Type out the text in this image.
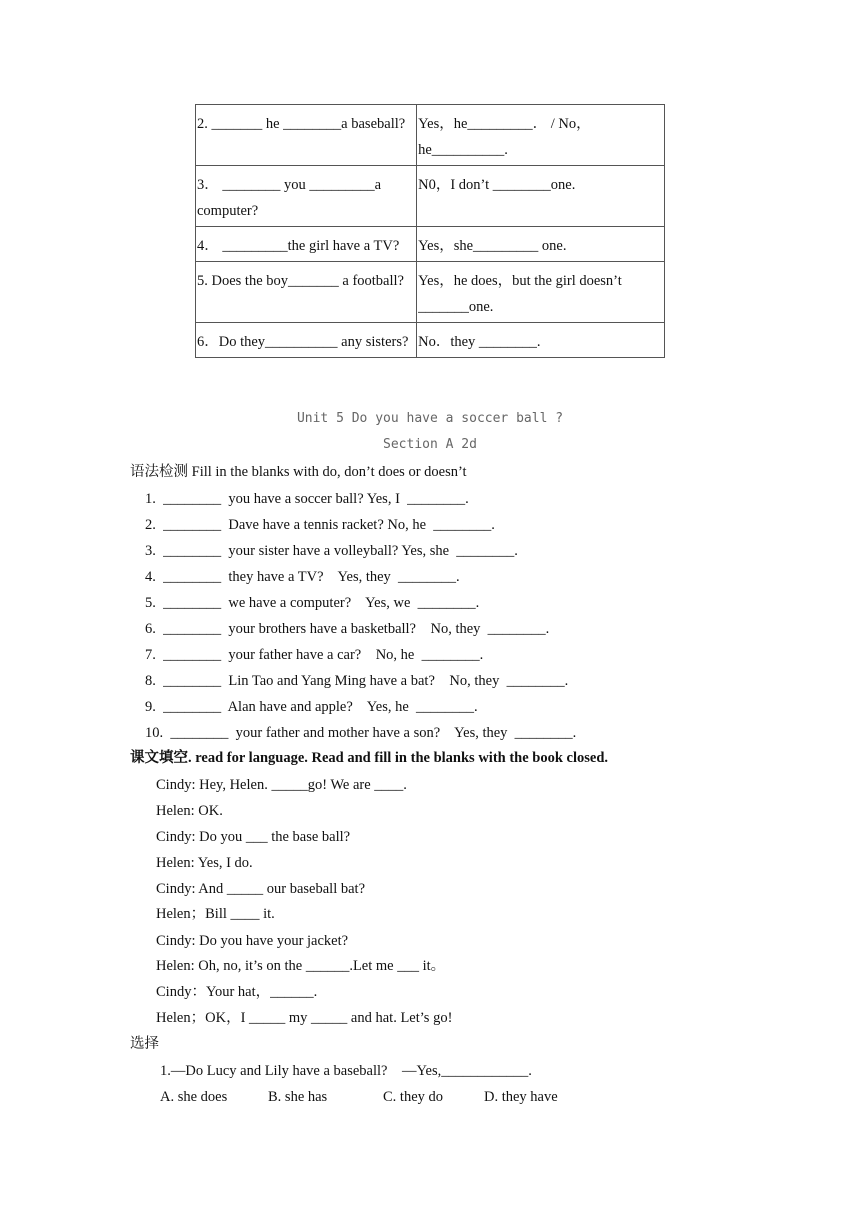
2. _______ he ________a baseball?	Yes，he_________． / No，he__________.
3． ________ you _________a computer?	N0，I don’t ________one.
4． _________the girl have a TV?	Yes，she_________ one.
5. Does the boy_______ a football?	Yes，he does，but the girl doesn’t _______one.
6．Do they__________ any sisters?	No．they ________.
Unit 5 Do you have a soccer ball ?
Section A 2d
语法检测 Fill in the blanks with do, don’t does or doesn’t
1.  ________  you have a soccer ball? Yes, I  ________.
2.  ________  Dave have a tennis racket? No, he  ________.
3.  ________  your sister have a volleyball? Yes, she  ________.
4.  ________  they have a TV?    Yes, they  ________.
5.  ________  we have a computer?    Yes, we  ________.
6.  ________  your brothers have a basketball?    No, they  ________.
7.  ________  your father have a car?    No, he  ________.
8.  ________  Lin Tao and Yang Ming have a bat?    No, they  ________.
9.  ________  Alan have and apple?    Yes, he  ________.
10.  ________  your father and mother have a son?    Yes, they  ________.
课文填空. read for language. Read and fill in the blanks with the book closed.
Cindy: Hey, Helen. _____go! We are ____.
Helen: OK.
Cindy: Do you ___ the base ball?
Helen: Yes, I do.
Cindy: And _____ our baseball bat?
Helen；Bill ____ it.
Cindy: Do you have your jacket?
Helen: Oh, no, it’s on the ______.Let me ___ it。
Cindy：Your hat，______.
Helen；OK，I _____ my _____ and hat. Let’s go!
选择
1.—Do Lucy and Lily have a baseball?    —Yes,____________.
A. she does	B. she has	C. they do	D. they have
